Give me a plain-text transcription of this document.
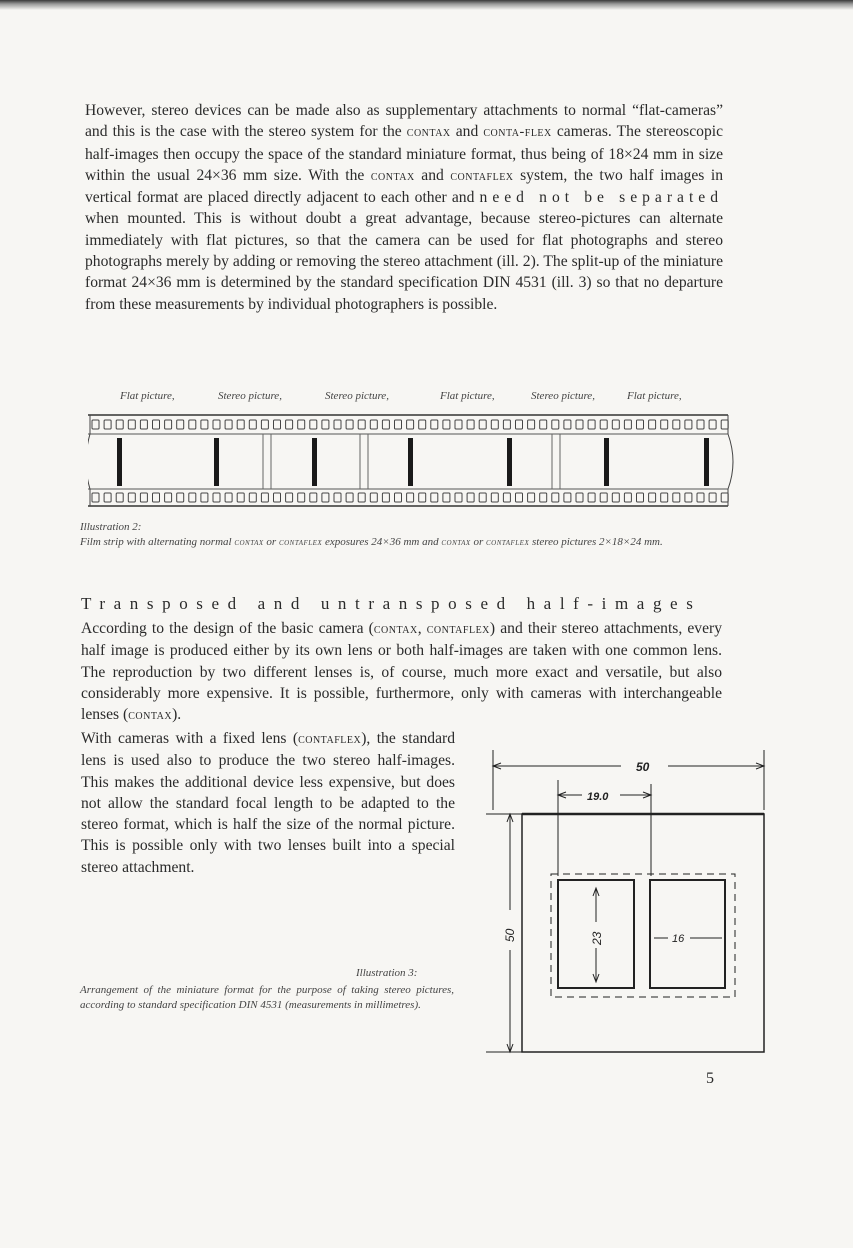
However, stereo devices can be made also as supplementary attachments to normal “flat-cameras” and this is the case with the stereo system for the contax and conta-flex cameras. The stereoscopic half-images then occupy the space of the standard miniature format, thus being of 18×24 mm in size within the usual 24×36 mm size. With the contax and contaflex system, the two half images in vertical format are placed directly adjacent to each other and need not be separated when mounted. This is without doubt a great advantage, because stereo-pictures can alternate immediately with flat pictures, so that the camera can be used for flat photographs and stereo photographs merely by adding or removing the stereo attachment (ill. 2). The split-up of the miniature format 24×36 mm is determined by the standard specification DIN 4531 (ill. 3) so that no departure from these measurements by individual photographers is possible.

Flat picture,	Stereo picture,	Stereo picture,	Flat picture,	Stereo picture,	Flat picture,

Illustration 2:
Film strip with alternating normal contax or contaflex exposures 24×36 mm and contax or contaflex stereo pictures 2×18×24 mm.

Transposed and untransposed half-images

According to the design of the basic camera (contax, contaflex) and their stereo attachments, every half image is produced either by its own lens or both half-images are taken with one common lens. The reproduction by two different lenses is, of course, much more exact and versatile, but also considerably more expensive. It is possible, furthermore, only with cameras with interchangeable lenses (contax).

With cameras with a fixed lens (contaflex), the standard lens is used also to produce the two stereo half-images. This makes the additional device less expensive, but does not allow the standard focal length to be adapted to the stereo format, which is half the size of the normal picture. This is possible only with two lenses built into a special stereo attachment.

50
19.0
50	23	16

Illustration 3:

Arrangement of the miniature format for the purpose of taking stereo pictures, according to standard specification DIN 4531 (measurements in millimetres).

5
